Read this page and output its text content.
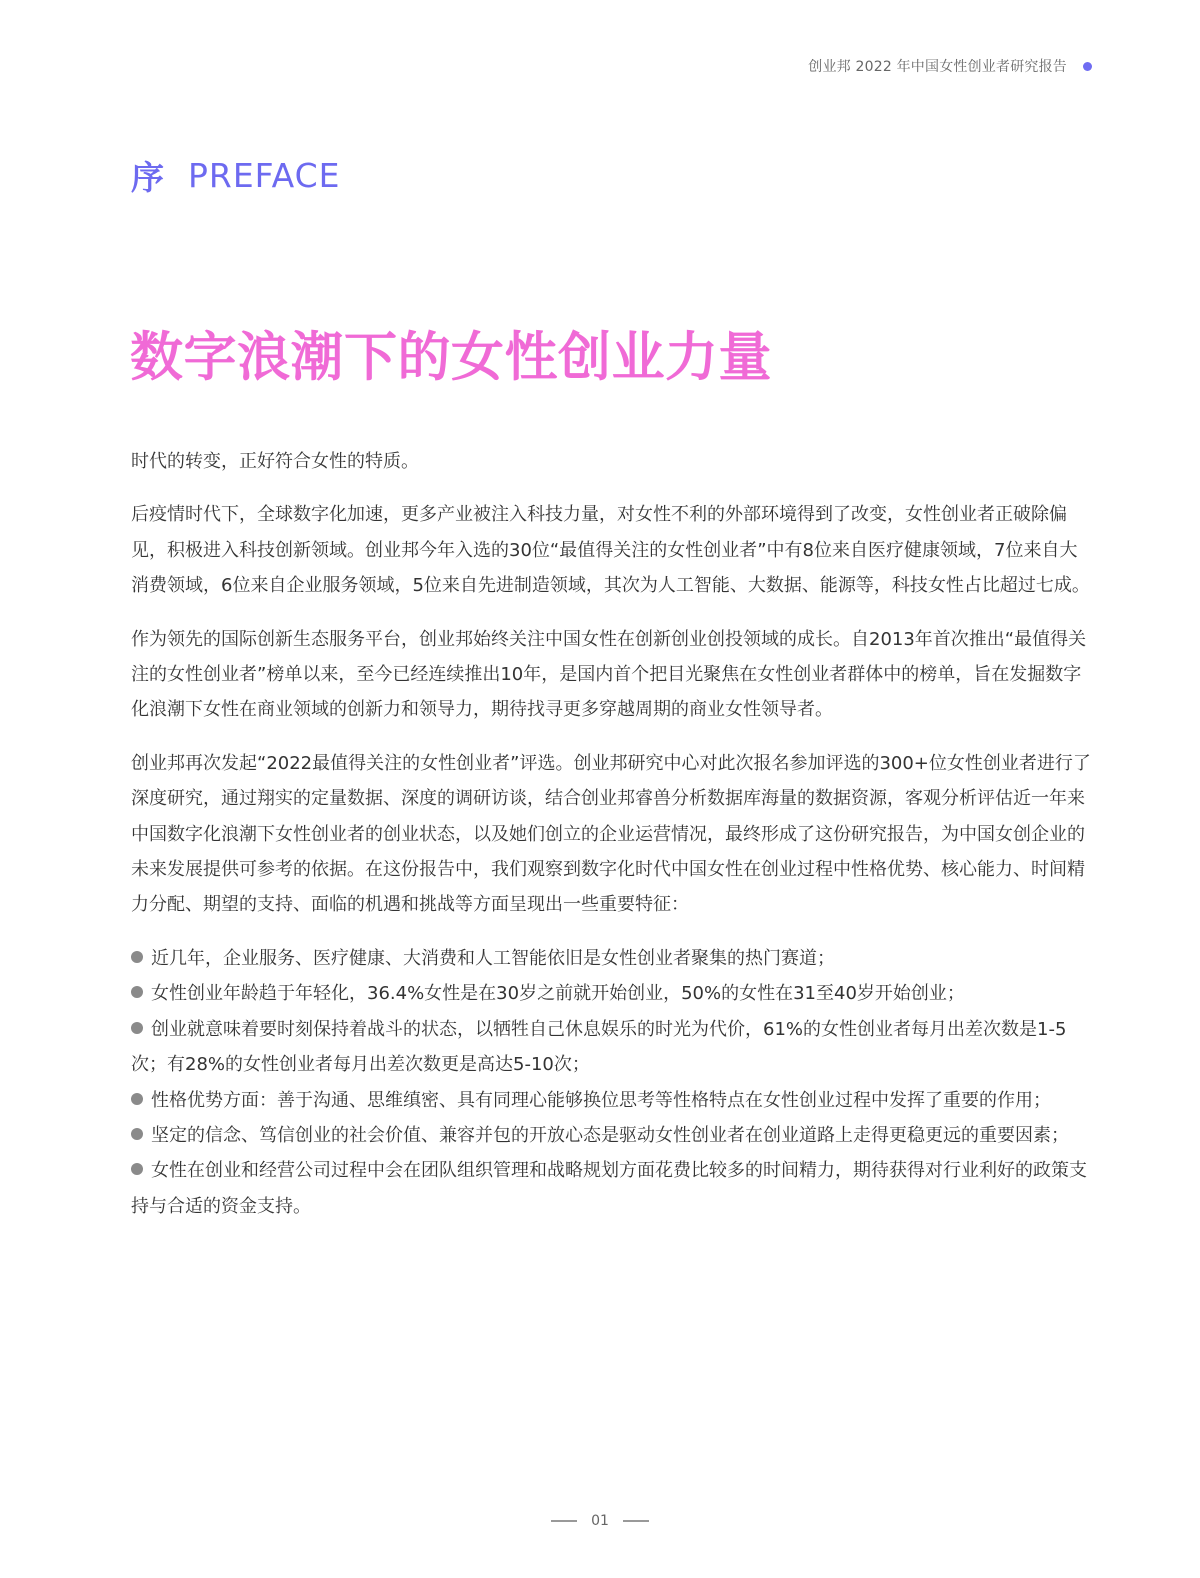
创业邦 2022 年中国女性创业者研究报告
序 PREFACE
数字浪潮下的女性创业力量

时代的转变，正好符合女性的特质。

后疫情时代下，全球数字化加速，更多产业被注入科技力量，对女性不利的外部环境得到了改变，女性创业者正破除偏见，积极进入科技创新领域。创业邦今年入选的30位“最值得关注的女性创业者”中有8位来自医疗健康领域，7位来自大消费领域，6位来自企业服务领域，5位来自先进制造领域，其次为人工智能、大数据、能源等，科技女性占比超过七成。

作为领先的国际创新生态服务平台，创业邦始终关注中国女性在创新创业创投领域的成长。自2013年首次推出“最值得关注的女性创业者”榜单以来，至今已经连续推出10年，是国内首个把目光聚焦在女性创业者群体中的榜单，旨在发掘数字化浪潮下女性在商业领域的创新力和领导力，期待找寻更多穿越周期的商业女性领导者。

创业邦再次发起“2022最值得关注的女性创业者”评选。创业邦研究中心对此次报名参加评选的300+位女性创业者进行了深度研究，通过翔实的定量数据、深度的调研访谈，结合创业邦睿兽分析数据库海量的数据资源，客观分析评估近一年来中国数字化浪潮下女性创业者的创业状态，以及她们创立的企业运营情况，最终形成了这份研究报告，为中国女创企业的未来发展提供可参考的依据。在这份报告中，我们观察到数字化时代中国女性在创业过程中性格优势、核心能力、时间精力分配、期望的支持、面临的机遇和挑战等方面呈现出一些重要特征：

近几年，企业服务、医疗健康、大消费和人工智能依旧是女性创业者聚集的热门赛道；
女性创业年龄趋于年轻化，36.4%女性是在30岁之前就开始创业，50%的女性在31至40岁开始创业；
创业就意味着要时刻保持着战斗的状态，以牺牲自己休息娱乐的时光为代价，61%的女性创业者每月出差次数是1-5次；有28%的女性创业者每月出差次数更是高达5-10次；
性格优势方面：善于沟通、思维缜密、具有同理心能够换位思考等性格特点在女性创业过程中发挥了重要的作用；
坚定的信念、笃信创业的社会价值、兼容并包的开放心态是驱动女性创业者在创业道路上走得更稳更远的重要因素；
女性在创业和经营公司过程中会在团队组织管理和战略规划方面花费比较多的时间精力，期待获得对行业利好的政策支持与合适的资金支持。
01
